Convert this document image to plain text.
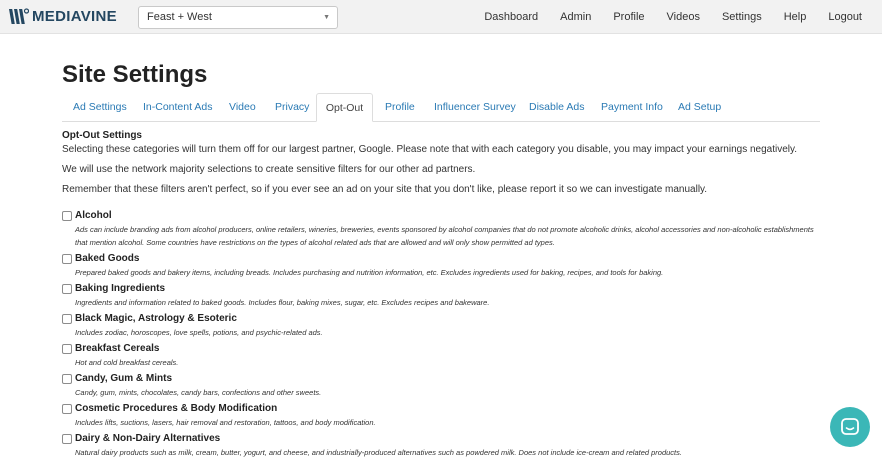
MEDIAVINE	Feast + West	▼	Dashboard Admin Profile Videos Settings Help Logout
Site Settings
Ad Settings In-Content Ads Video Privacy	Opt-Out	Profile Influencer Survey Disable Ads Payment Info Ad Setup
Opt-Out Settings
Selecting these categories will turn them off for our largest partner, Google. Please note that with each category you disable, you may impact your earnings negatively.
We will use the network majority selections to create sensitive filters for our other ad partners.
Remember that these filters aren't perfect, so if you ever see an ad on your site that you don't like, please report it so we can investigate manually.
Alcohol
Ads can include branding ads from alcohol producers, online retailers, wineries, breweries, events sponsored by alcohol companies that do not promote alcoholic drinks, alcohol accessories and non-alcoholic establishments that mention alcohol. Some countries have restrictions on the types of alcohol related ads that are allowed and will only show permitted ad types.
Baked Goods
Prepared baked goods and bakery items, including breads. Includes purchasing and nutrition information, etc. Excludes ingredients used for baking, recipes, and tools for baking.
Baking Ingredients
Ingredients and information related to baked goods. Includes flour, baking mixes, sugar, etc. Excludes recipes and bakeware.
Black Magic, Astrology & Esoteric
Includes zodiac, horoscopes, love spells, potions, and psychic-related ads.
Breakfast Cereals
Hot and cold breakfast cereals.
Candy, Gum & Mints
Candy, gum, mints, chocolates, candy bars, confections and other sweets.
Cosmetic Procedures & Body Modification
Includes lifts, suctions, lasers, hair removal and restoration, tattoos, and body modification.
Dairy & Non-Dairy Alternatives
Natural dairy products such as milk, cream, butter, yogurt, and cheese, and industrially-produced alternatives such as powdered milk. Does not include ice-cream and related products.
